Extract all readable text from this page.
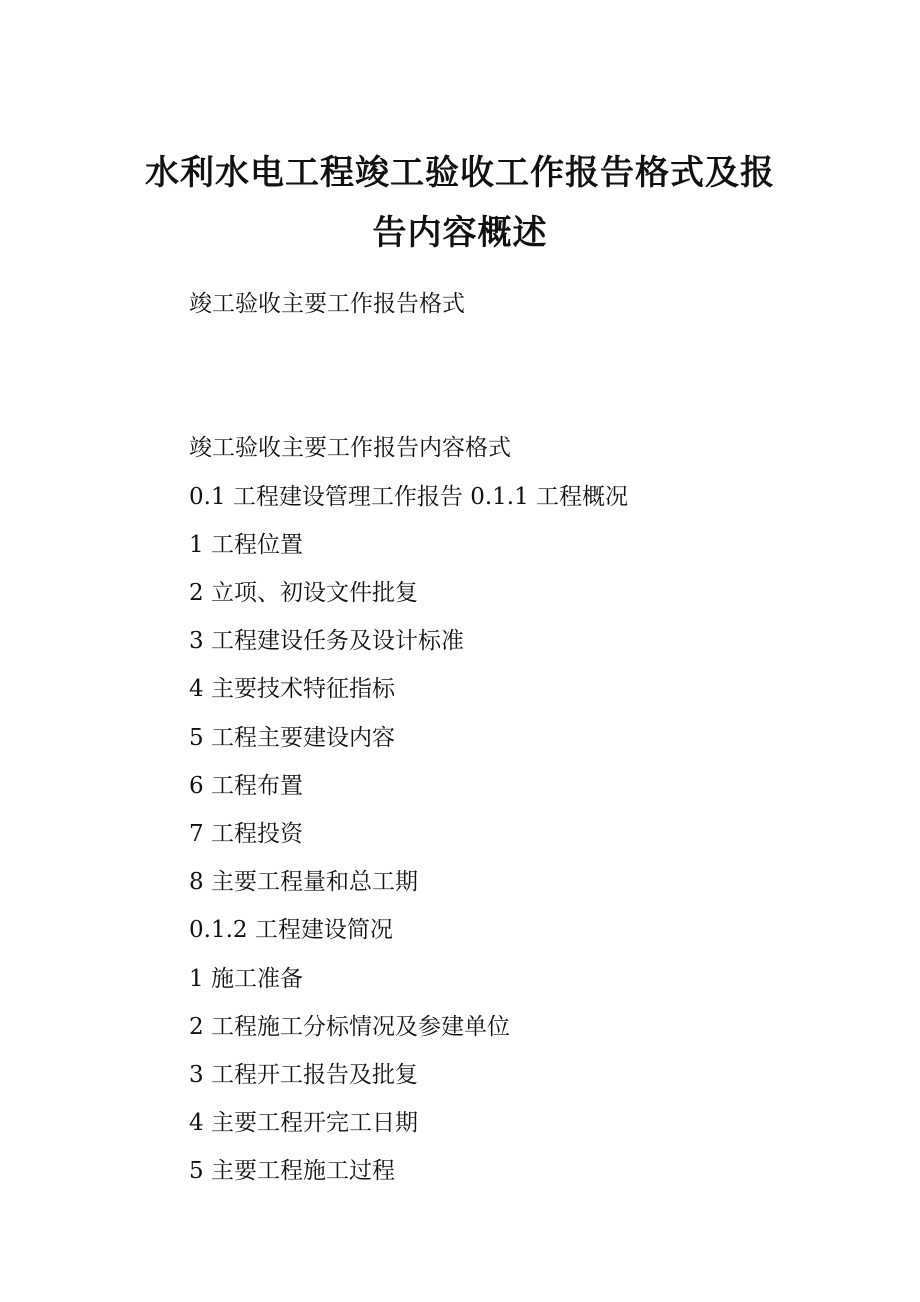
水利水电工程竣工验收工作报告格式及报
告内容概述
竣工验收主要工作报告格式
竣工验收主要工作报告内容格式
0.1 工程建设管理工作报告 0.1.1 工程概况
1 工程位置
2 立项、初设文件批复
3 工程建设任务及设计标准
4 主要技术特征指标
5 工程主要建设内容
6 工程布置
7 工程投资
8 主要工程量和总工期
0.1.2 工程建设简况
1 施工准备
2 工程施工分标情况及参建单位
3 工程开工报告及批复
4 主要工程开完工日期
5 主要工程施工过程
